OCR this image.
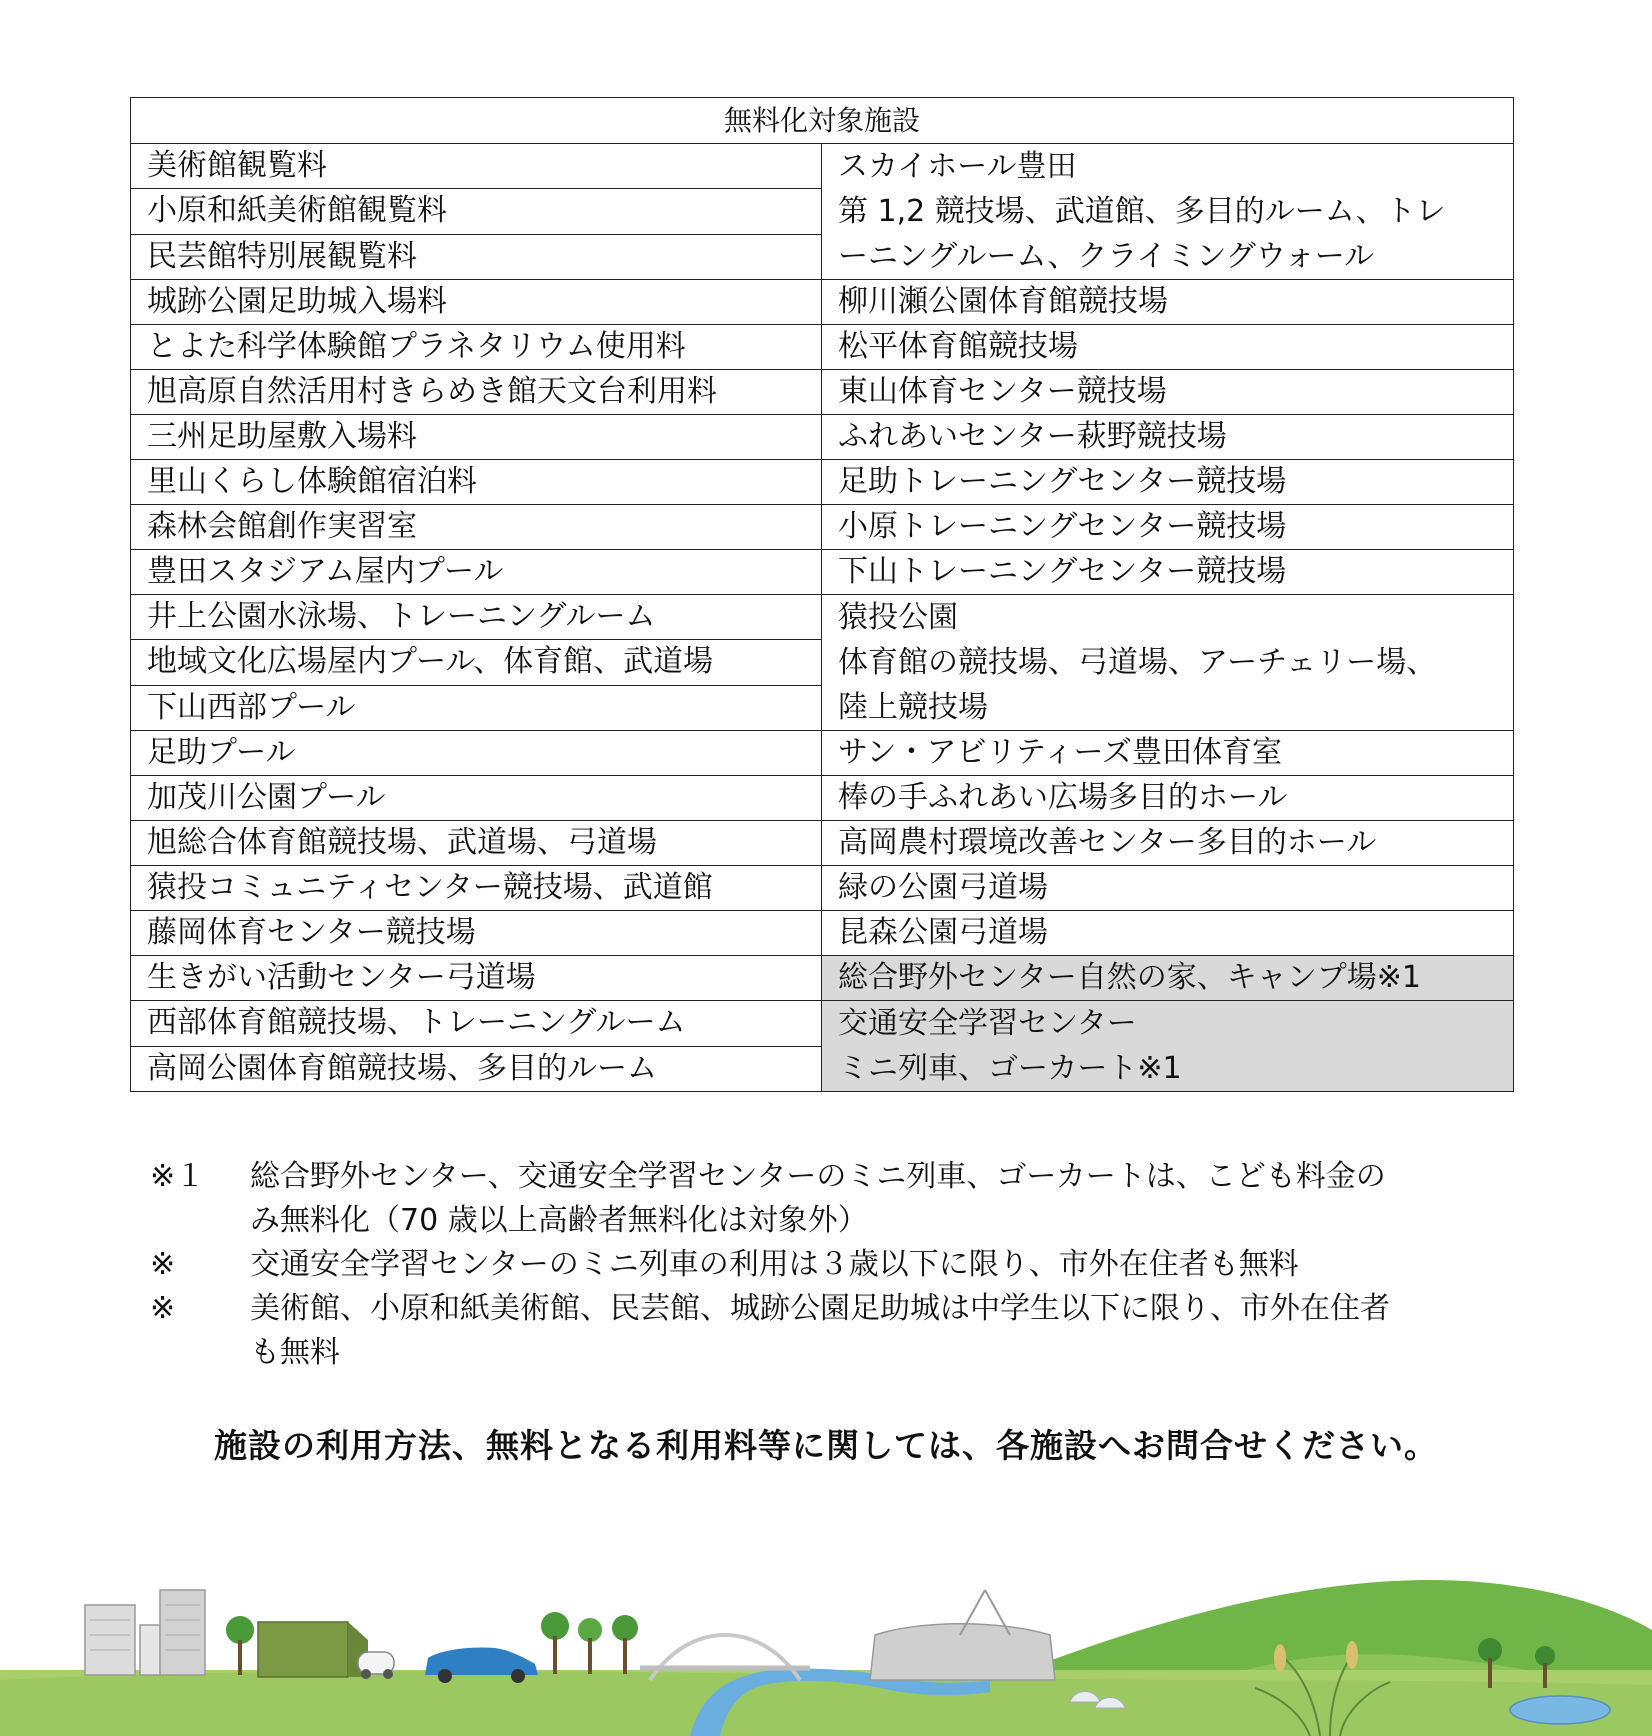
無料化対象施設	
美術館観覧料	スカイホール豊田
第 1,2 競技場、武道館、多目的ルーム、トレ
ーニングルーム、クライミングウォール

小原和紙美術館観覧料	
民芸館特別展観覧料	
城跡公園足助城入場料	柳川瀬公園体育館競技場
とよた科学体験館プラネタリウム使用料	松平体育館競技場
旭高原自然活用村きらめき館天文台利用料	東山体育センター競技場
三州足助屋敷入場料	ふれあいセンター萩野競技場
里山くらし体験館宿泊料	足助トレーニングセンター競技場
森林会館創作実習室	小原トレーニングセンター競技場
豊田スタジアム屋内プール	下山トレーニングセンター競技場
井上公園水泳場、トレーニングルーム	猿投公園
体育館の競技場、弓道場、アーチェリー場、
陸上競技場

地域文化広場屋内プール、体育館、武道場	
下山西部プール	
足助プール	サン・アビリティーズ豊田体育室
加茂川公園プール	棒の手ふれあい広場多目的ホール
旭総合体育館競技場、武道場、弓道場	高岡農村環境改善センター多目的ホール
猿投コミュニティセンター競技場、武道館	緑の公園弓道場
藤岡体育センター競技場	昆森公園弓道場
生きがい活動センター弓道場	総合野外センター自然の家、キャンプ場※1
西部体育館競技場、トレーニングルーム	交通安全学習センター
ミニ列車、ゴーカート※1

高岡公園体育館競技場、多目的ルーム	
※１	総合野外センター、交通安全学習センターのミニ列車、ゴーカートは、こども料金の
み無料化（70 歳以上高齢者無料化は対象外）
※	交通安全学習センターのミニ列車の利用は３歳以下に限り、市外在住者も無料
※	美術館、小原和紙美術館、民芸館、城跡公園足助城は中学生以下に限り、市外在住者
も無料
施設の利用方法、無料となる利用料等に関しては、各施設へお問合せください。
